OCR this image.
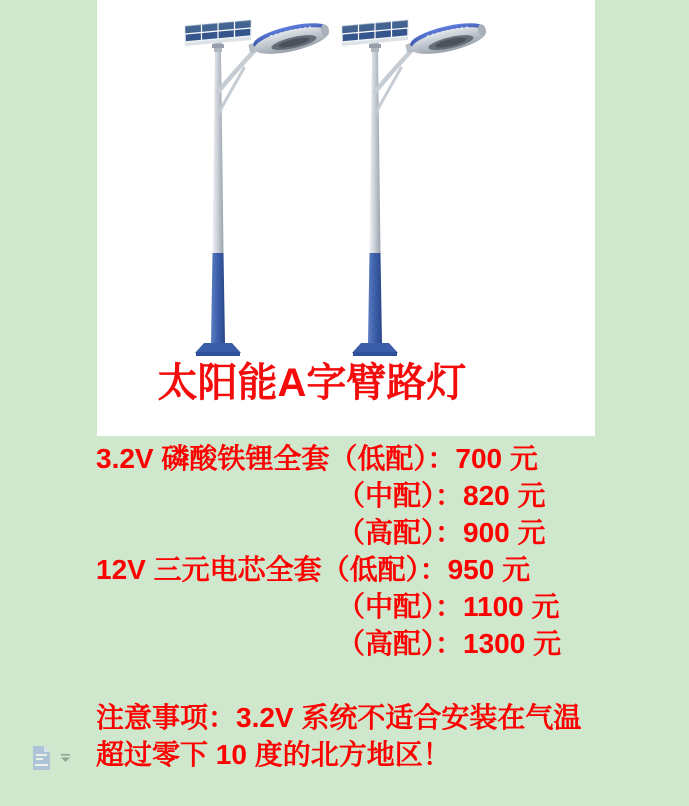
太阳能A字臂路灯
3.2V 磷酸铁锂全套（低配）：700 元
（中配）：820 元
（高配）：900 元
12V 三元电芯全套（低配）：950 元
（中配）：1100 元
（高配）：1300 元
注意事项：3.2V 系统不适合安装在气温
超过零下 10 度的北方地区！
